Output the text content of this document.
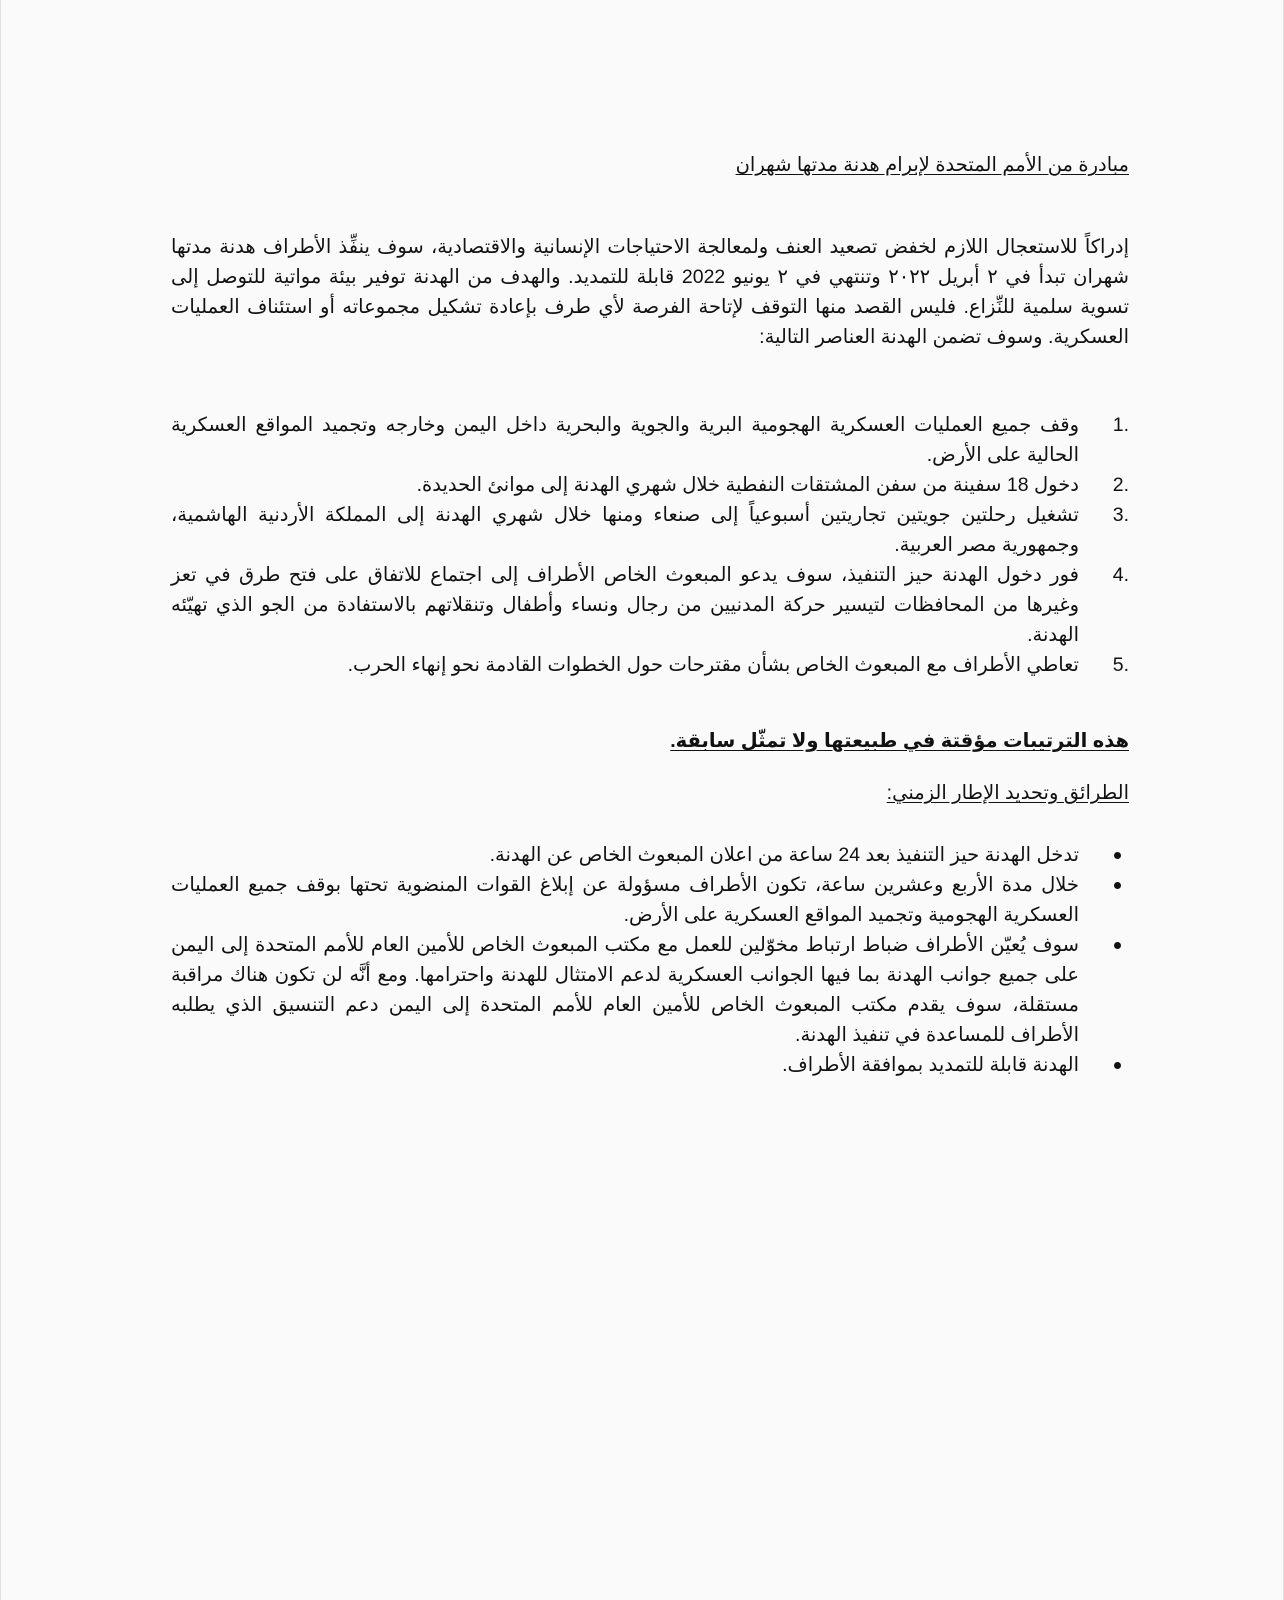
مبادرة من الأمم المتحدة لإبرام هدنة مدتها شهران

إدراكاً للاستعجال اللازم لخفض تصعيد العنف ولمعالجة الاحتياجات الإنسانية والاقتصادية، سوف ينفِّذ الأطراف هدنة مدتها شهران تبدأ في ٢ أبريل ٢٠٢٢ وتنتهي في ٢ يونيو 2022 قابلة للتمديد. والهدف من الهدنة توفير بيئة مواتية للتوصل إلى تسوية سلمية للنِّزاع. فليس القصد منها التوقف لإتاحة الفرصة لأي طرف بإعادة تشكيل مجموعاته أو استئناف العمليات العسكرية. وسوف تضمن الهدنة العناصر التالية:

1.
وقف جميع العمليات العسكرية الهجومية البرية والجوية والبحرية داخل اليمن وخارجه وتجميد المواقع العسكرية الحالية على الأرض.
2.
دخول 18 سفينة من سفن المشتقات النفطية خلال شهري الهدنة إلى موانئ الحديدة.
3.
تشغيل رحلتين جويتين تجاريتين أسبوعياً إلى صنعاء ومنها خلال شهري الهدنة إلى المملكة الأردنية الهاشمية، وجمهورية مصر العربية.
4.
فور دخول الهدنة حيز التنفيذ، سوف يدعو المبعوث الخاص الأطراف إلى اجتماع للاتفاق على فتح طرق في تعز وغيرها من المحافظات لتيسير حركة المدنيين من رجال ونساء وأطفال وتنقلاتهم بالاستفادة من الجو الذي تهيّئه الهدنة.
5.
تعاطي الأطراف مع المبعوث الخاص بشأن مقترحات حول الخطوات القادمة نحو إنهاء الحرب.

هذه الترتيبات مؤقتة في طبيعتها ولا تمثّل سابقة.

الطرائق وتحديد الإطار الزمني:

تدخل الهدنة حيز التنفيذ بعد 24 ساعة من اعلان المبعوث الخاص عن الهدنة.
خلال مدة الأربع وعشرين ساعة، تكون الأطراف مسؤولة عن إبلاغ القوات المنضوية تحتها بوقف جميع العمليات العسكرية الهجومية وتجميد المواقع العسكرية على الأرض.
سوف يُعيّن الأطراف ضباط ارتباط مخوّلين للعمل مع مكتب المبعوث الخاص للأمين العام للأمم المتحدة إلى اليمن على جميع جوانب الهدنة بما فيها الجوانب العسكرية لدعم الامتثال للهدنة واحترامها. ومع أنَّه لن تكون هناك مراقبة مستقلة، سوف يقدم مكتب المبعوث الخاص للأمين العام للأمم المتحدة إلى اليمن دعم التنسيق الذي يطلبه الأطراف للمساعدة في تنفيذ الهدنة.
الهدنة قابلة للتمديد بموافقة الأطراف.
